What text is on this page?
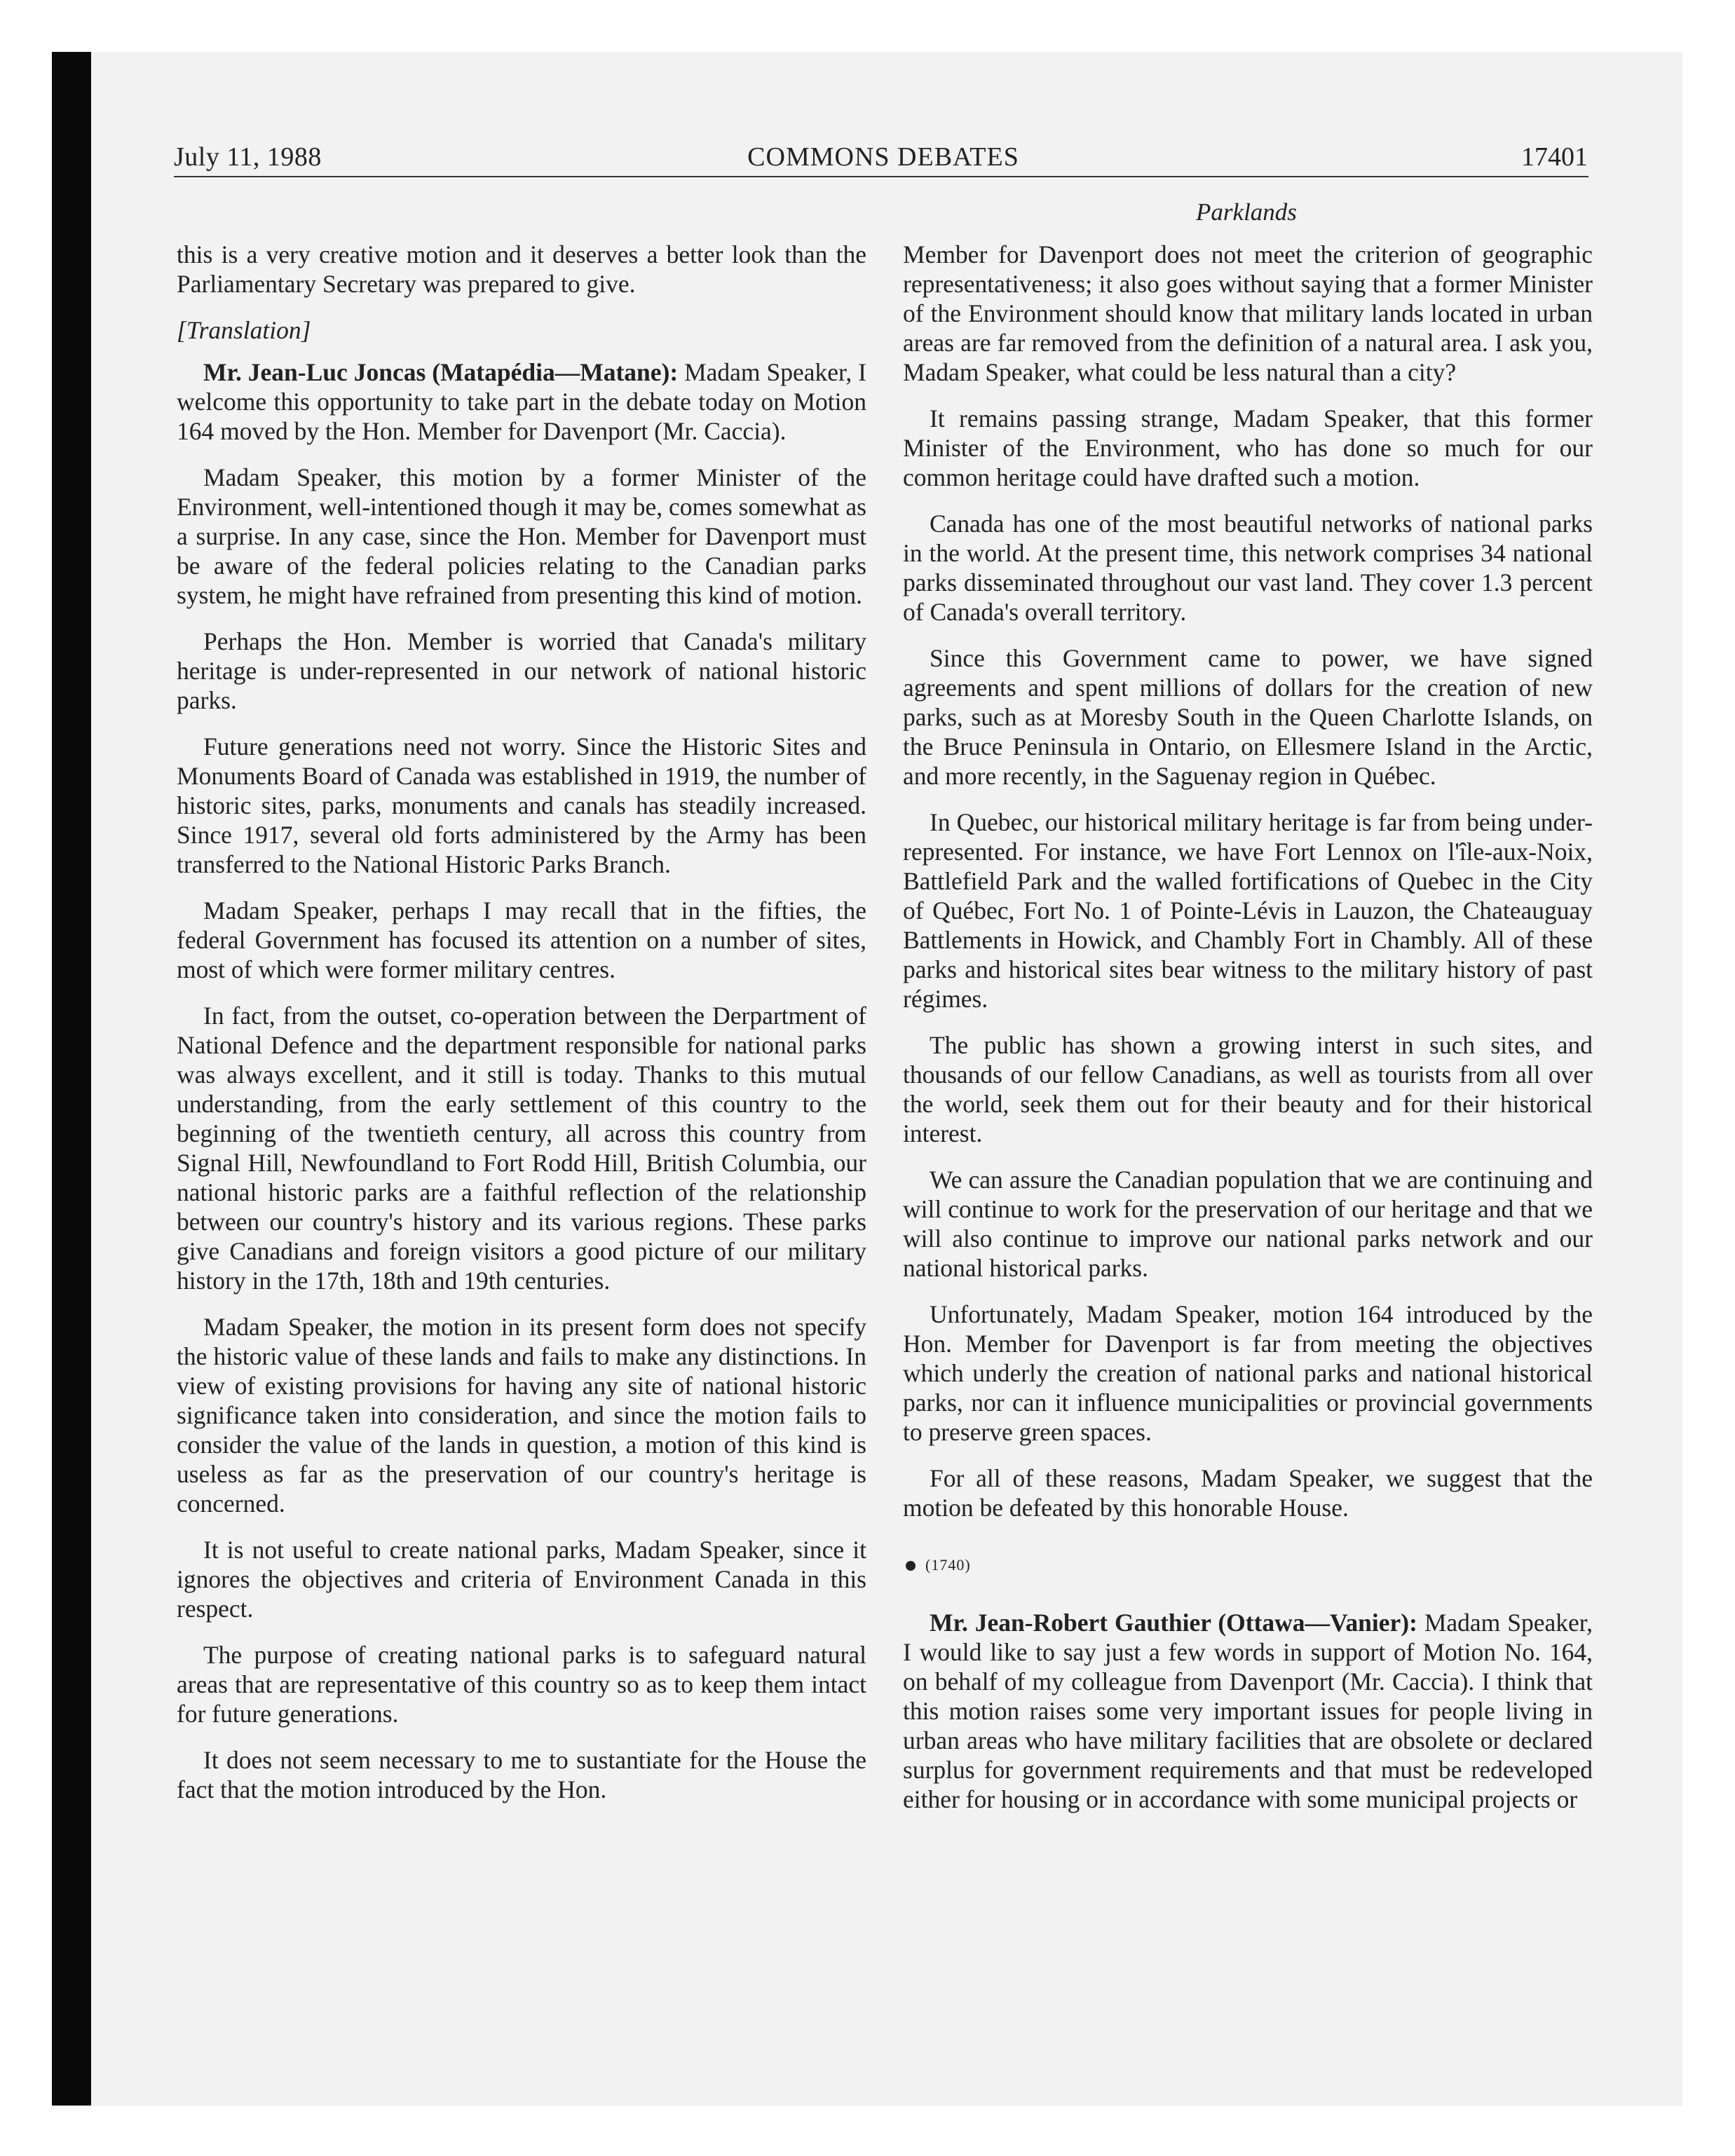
July 11, 1988	COMMONS DEBATES	17401
Parklands

this is a very creative motion and it deserves a better look than the Parliamentary Secretary was prepared to give.

[Translation]

Mr. Jean-Luc Joncas (Matapédia—Matane): Madam Speaker, I welcome this opportunity to take part in the debate today on Motion 164 moved by the Hon. Member for Davenport (Mr. Caccia).

Madam Speaker, this motion by a former Minister of the Environment, well-intentioned though it may be, comes somewhat as a surprise. In any case, since the Hon. Member for Davenport must be aware of the federal policies relating to the Canadian parks system, he might have refrained from presenting this kind of motion.

Perhaps the Hon. Member is worried that Canada's military heritage is under-represented in our network of national historic parks.

Future generations need not worry. Since the Historic Sites and Monuments Board of Canada was established in 1919, the number of historic sites, parks, monuments and canals has steadily increased. Since 1917, several old forts administered by the Army has been transferred to the National Historic Parks Branch.

Madam Speaker, perhaps I may recall that in the fifties, the federal Government has focused its attention on a number of sites, most of which were former military centres.

In fact, from the outset, co-operation between the Derpartment of National Defence and the department responsible for national parks was always excellent, and it still is today. Thanks to this mutual understanding, from the early settlement of this country to the beginning of the twentieth century, all across this country from Signal Hill, Newfoundland to Fort Rodd Hill, British Columbia, our national historic parks are a faithful reflection of the relationship between our country's history and its various regions. These parks give Canadians and foreign visitors a good picture of our military history in the 17th, 18th and 19th centuries.

Madam Speaker, the motion in its present form does not specify the historic value of these lands and fails to make any distinctions. In view of existing provisions for having any site of national historic significance taken into consideration, and since the motion fails to consider the value of the lands in question, a motion of this kind is useless as far as the preservation of our country's heritage is concerned.

It is not useful to create national parks, Madam Speaker, since it ignores the objectives and criteria of Environment Canada in this respect.

The purpose of creating national parks is to safeguard natural areas that are representative of this country so as to keep them intact for future generations.

It does not seem necessary to me to sustantiate for the House the fact that the motion introduced by the Hon.

Member for Davenport does not meet the criterion of geographic representativeness; it also goes without saying that a former Minister of the Environment should know that military lands located in urban areas are far removed from the definition of a natural area. I ask you, Madam Speaker, what could be less natural than a city?

It remains passing strange, Madam Speaker, that this former Minister of the Environment, who has done so much for our common heritage could have drafted such a motion.

Canada has one of the most beautiful networks of national parks in the world. At the present time, this network comprises 34 national parks disseminated throughout our vast land. They cover 1.3 percent of Canada's overall territory.

Since this Government came to power, we have signed agreements and spent millions of dollars for the creation of new parks, such as at Moresby South in the Queen Charlotte Islands, on the Bruce Peninsula in Ontario, on Ellesmere Island in the Arctic, and more recently, in the Saguenay region in Québec.

In Quebec, our historical military heritage is far from being under-represented. For instance, we have Fort Lennox on l'île-aux-Noix, Battlefield Park and the walled fortifications of Quebec in the City of Québec, Fort No. 1 of Pointe-Lévis in Lauzon, the Chateauguay Battlements in Howick, and Chambly Fort in Chambly. All of these parks and historical sites bear witness to the military history of past régimes.

The public has shown a growing interst in such sites, and thousands of our fellow Canadians, as well as tourists from all over the world, seek them out for their beauty and for their historical interest.

We can assure the Canadian population that we are continuing and will continue to work for the preservation of our heritage and that we will also continue to improve our national parks network and our national historical parks.

Unfortunately, Madam Speaker, motion 164 introduced by the Hon. Member for Davenport is far from meeting the objectives which underly the creation of national parks and national historical parks, nor can it influence municipalities or provincial governments to preserve green spaces.

For all of these reasons, Madam Speaker, we suggest that the motion be defeated by this honorable House.

(1740)

Mr. Jean-Robert Gauthier (Ottawa—Vanier): Madam Speaker, I would like to say just a few words in support of Motion No. 164, on behalf of my colleague from Davenport (Mr. Caccia). I think that this motion raises some very important issues for people living in urban areas who have military facilities that are obsolete or declared surplus for government requirements and that must be redeveloped either for housing or in accordance with some municipal projects or
